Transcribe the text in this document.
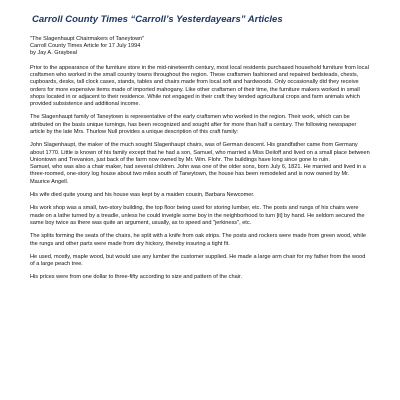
Carroll County Times “Carroll’s Yesterdayears” Articles
"The Slagenhaupt Chairmakers of Taneytown"
Carroll County Times Article for 17 July 1994
by Jay A. Graybeal

Prior to the appearance of the furniture store in the mid-nineteenth century, most local residents purchased household furniture from local craftsmen who worked in the small country towns throughout the region. These craftsmen fashioned and repaired bedsteads, chests, cupboards, desks, tall clock cases, stands, tables and chairs made from local soft and hardwoods. Only occasionally did they receive orders for more expensive items made of imported mahogany. Like other craftsmen of their time, the furniture makers worked in small shops located in or adjacent to their residence. While not engaged in their craft they tended agricultural crops and farm animals which provided subsistence and additional income.

The Slagenhaupt family of Taneytown is representative of the early craftsmen who worked in the region. Their work, which can be attributed on the basis unique turnings, has been recognized and sought after for more than half a century. The following newspaper article by the late Mrs. Thurlow Null provides a unique description of this craft family:

John Slagenhaupt, the maker of the much sought Slagenhaupt chairs, was of German descent. His grandfather came from Germany about 1770. Little is known of his family except that he had a son, Samuel, who married a Miss Deiloff and lived on a small place between Uniontown and Trevanion, just back of the farm now owned by Mr. Wm. Flohr. The buildings have long since gone to ruin.

Samuel, who was also a chair maker, had several children. John was one of the older sons, born July 6, 1821. He married and lived in a three-roomed, one-story log house about two miles south of Taneytown, the house has been remodeled and is now owned by Mr. Maurice Angell.

His wife died quite young and his house was kept by a maiden cousin, Barbara Newcomer.

His work shop was a small, two-story building, the top floor being used for storing lumber, etc. The posts and rungs of his chairs were made on a lathe turned by a treadle, unless he could inveigle some boy in the neighborhood to turn [it] by hand. He seldom secured the same boy twice as there was quite an argument, usually, as to speed and "jerkiness", etc.

The splits forming the seats of the chairs, he split with a knife from oak strips. The posts and rockers were made from green wood, while the rungs and other parts were made from dry hickory, thereby insuring a tight fit.

He used, mostly, maple wood, but would use any lumber the customer supplied. He made a large arm chair for my father from the wood of a large peach tree.

His prices were from one dollar to three-fifty according to size and pattern of the chair.
